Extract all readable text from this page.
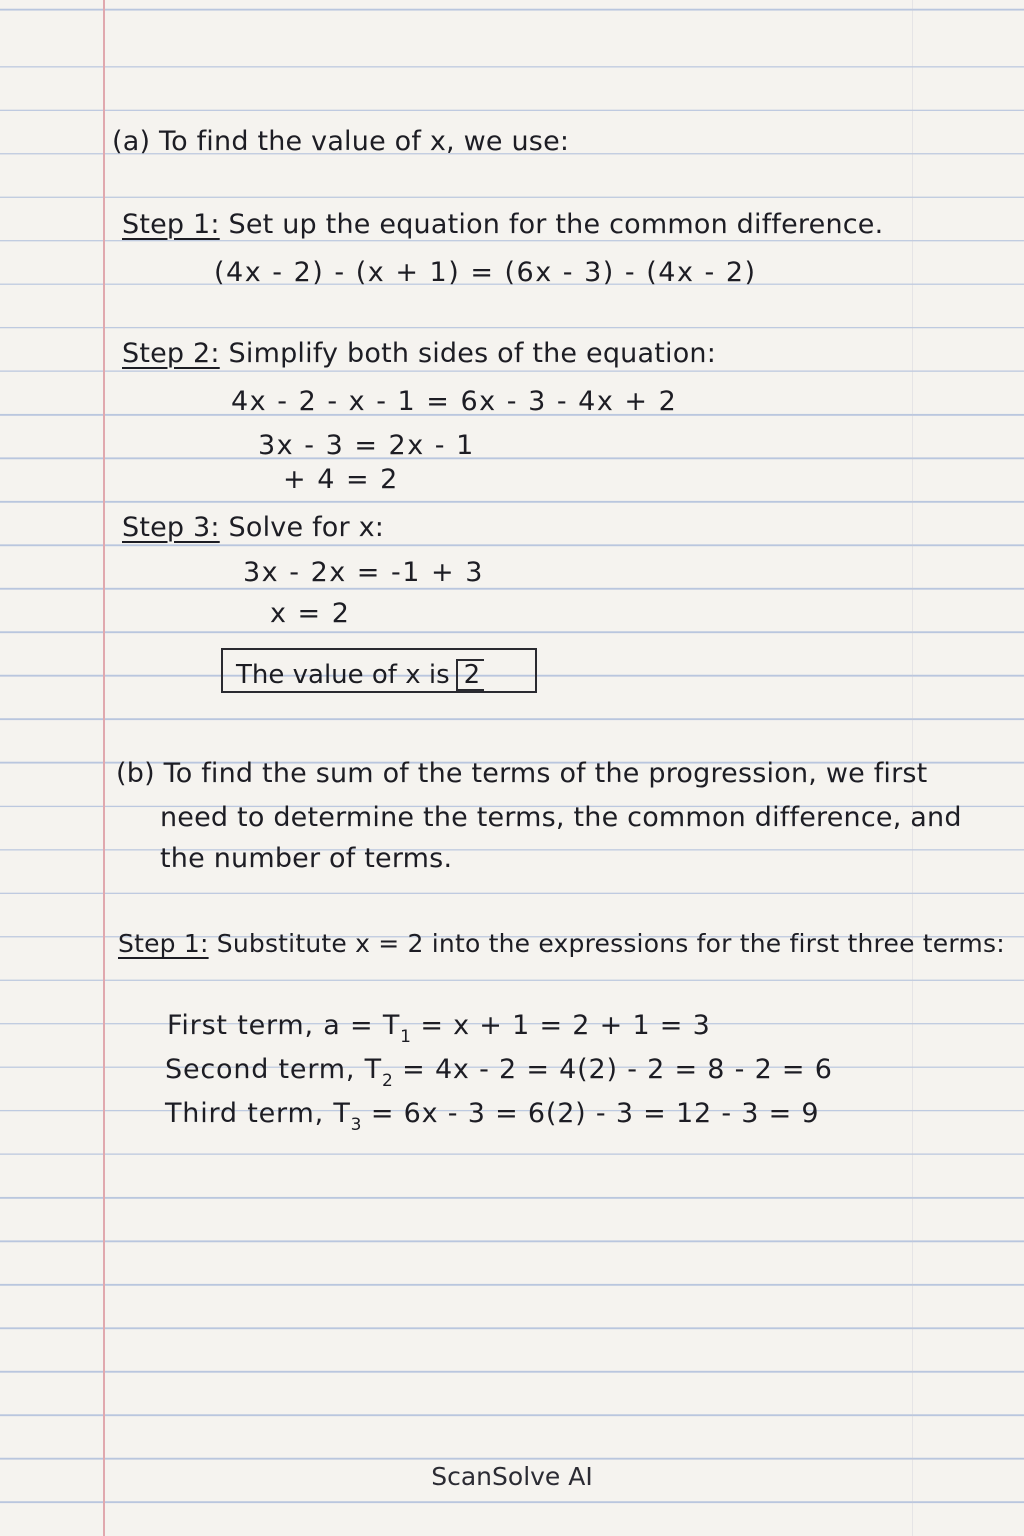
(a) To find the value of x, we use:
Step 1: Set up the equation for the common difference.
(4x - 2) - (x + 1) = (6x - 3) - (4x - 2)
Step 2: Simplify both sides of the equation:
4x - 2 - x - 1 = 6x - 3 - 4x + 2
3x - 3 = 2x - 1
+ 4 = 2
Step 3: Solve for x:
3x - 2x = -1 + 3
x = 2
The value of x is 2
(b) To find the sum of the terms of the progression, we first
need to determine the terms, the common difference, and
the number of terms.
Step 1: Substitute x = 2 into the expressions for the first three terms:
First term, $a = T_1 = x + 1 = 2 + 1 = 3$
Second term, $T_2 = 4x - 2 = 4(2) - 2 = 8 - 2 = 6$
Third term, $T_3 = 6x - 3 = 6(2) - 3 = 12 - 3 = 9$
ScanSolve AI
